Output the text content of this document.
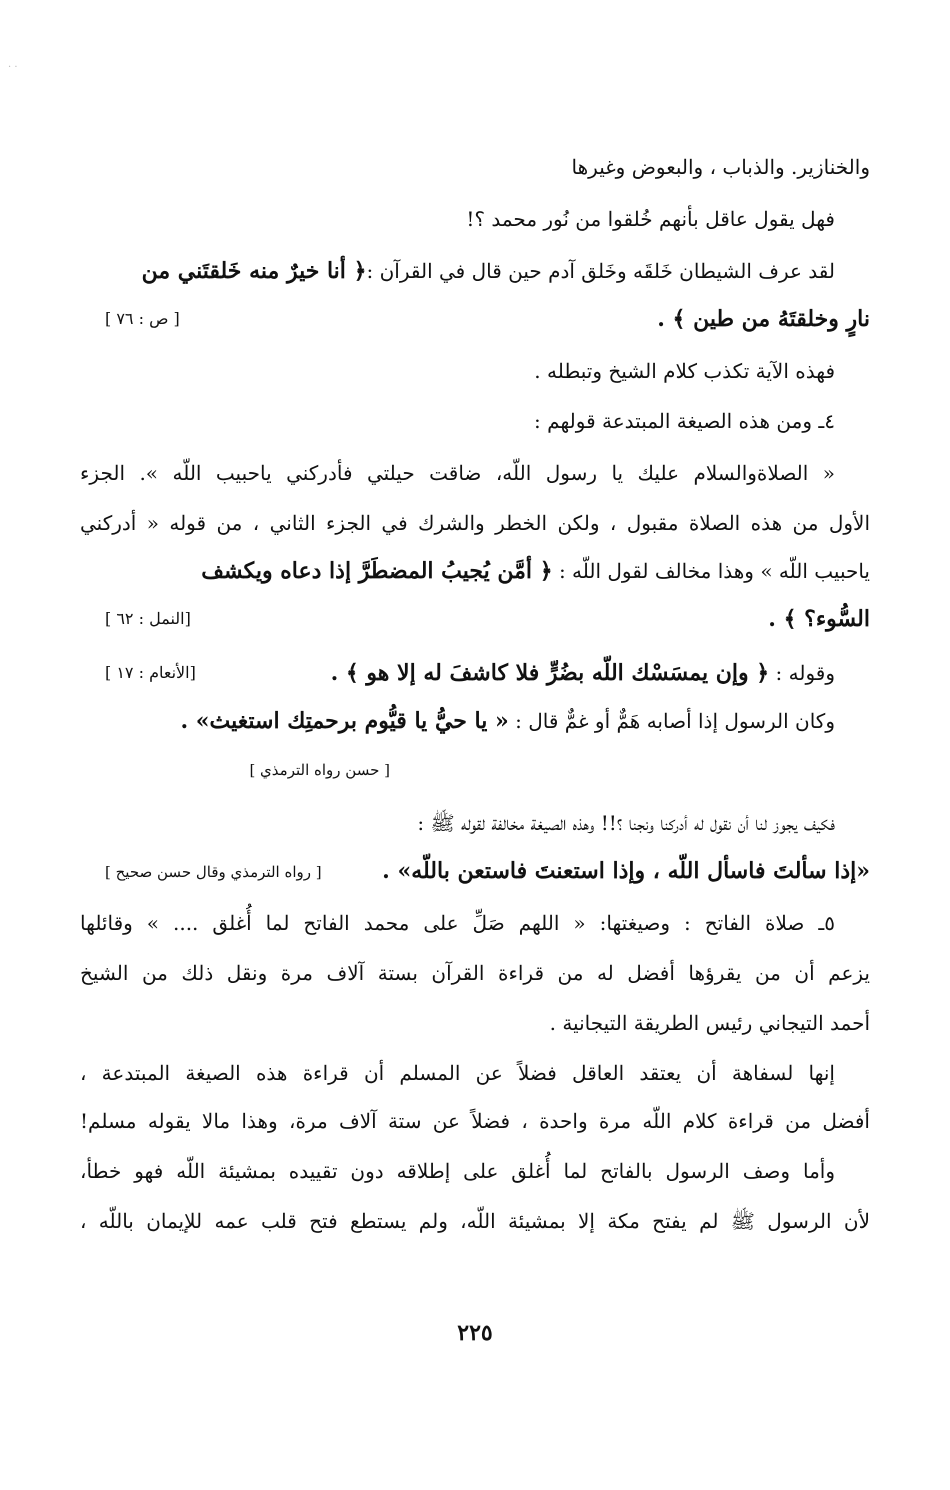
· ·
والخنازير. والذباب ، والبعوض وغيرها
فهل يقول عاقل بأنهم خُلقوا من نُور محمد ؟!
لقد عرف الشيطان خَلقَه وخَلق آدم حين قال في القرآن :﴿ أنا خيرٌ منه خَلقتَني من
نارٍ وخلقتَهُ من طين ﴾ .
[ ص : ٧٦ ]
فهذه الآية تكذب كلام الشيخ وتبطله .
٤ـ ومن هذه الصيغة المبتدعة قولهم :
« الصلاةوالسلام عليك يا رسول اللّه، ضاقت حيلتي فأدركني ياحبيب اللّه ». الجزء
الأول من هذه الصلاة مقبول ، ولكن الخطر والشرك في الجزء الثاني ، من قوله « أدركني
ياحبيب اللّه » وهذا مخالف لقول اللّه : ﴿ أمَّن يُجيبُ المضطَرَّ إذا دعاه ويكشف
السُّوء؟ ﴾ .
[النمل : ٦٢ ]
وقوله : ﴿ وإن يمسَسْك اللّه بضُرٍّ فلا كاشفَ له إلا هو ﴾ .
[الأنعام : ١٧ ]
وكان الرسول إذا أصابه هَمٌّ أو غمٌّ قال : « يا حيُّ يا قيُّوم برحمتِك استغيث» .
[ حسن رواه الترمذي ]
فكيف يجوز لنا أن نقول له أدركنا ونجنا ؟!! وهذه الصيغة مخالفة لقوله ﷺ :
«إذا سألتَ فاسأل اللّه ، وإذا استعنتَ فاستعن باللّه» .
[ رواه الترمذي وقال حسن صحيح ]
٥ـ صلاة الفاتح : وصيغتها: « اللهم صَلِّ على محمد الفاتح لما أُغلق .... » وقائلها
يزعم أن من يقرؤها أفضل له من قراءة القرآن بستة آلاف مرة ونقل ذلك من الشيخ
أحمد التيجاني رئيس الطريقة التيجانية .
إنها لسفاهة أن يعتقد العاقل فضلاً عن المسلم أن قراءة هذه الصيغة المبتدعة ،
أفضل من قراءة كلام اللّه مرة واحدة ، فضلاً عن ستة آلاف مرة، وهذا مالا يقوله مسلم!
وأما وصف الرسول بالفاتح لما أُغلق على إطلاقه دون تقييده بمشيئة اللّه فهو خطأ،
لأن الرسول ﷺ لم يفتح مكة إلا بمشيئة اللّه، ولم يستطع فتح قلب عمه للإيمان باللّه ،
٢٢٥
